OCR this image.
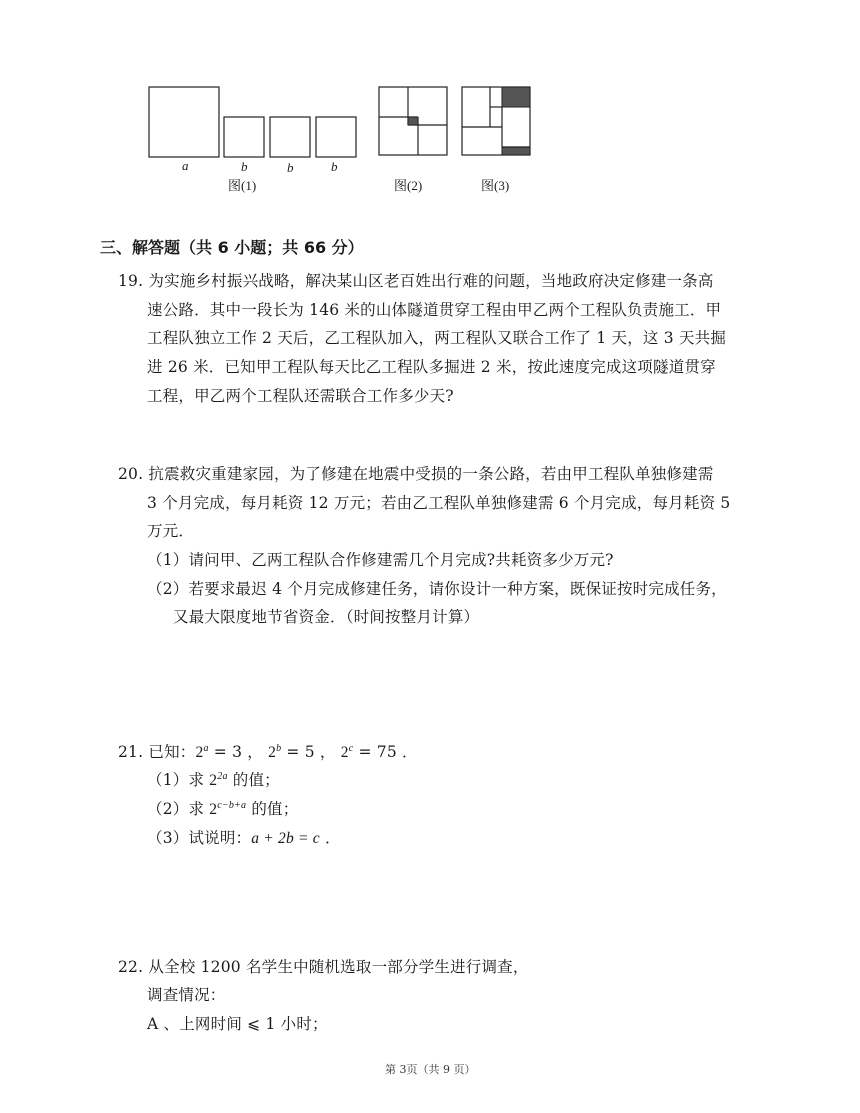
a	b	b	b
图(1)	图(2)	图(3)
三、解答题（共 6 小题；共 66 分）
19. 为实施乡村振兴战略，解决某山区老百姓出行难的问题，当地政府决定修建一条高
速公路．其中一段长为 146 米的山体隧道贯穿工程由甲乙两个工程队负责施工．甲
工程队独立工作 2 天后，乙工程队加入，两工程队又联合工作了 1 天，这 3 天共掘
进 26 米．已知甲工程队每天比乙工程队多掘进 2 米，按此速度完成这项隧道贯穿
工程，甲乙两个工程队还需联合工作多少天?
20. 抗震救灾重建家园，为了修建在地震中受损的一条公路，若由甲工程队单独修建需
3 个月完成，每月耗资 12 万元；若由乙工程队单独修建需 6 个月完成，每月耗资 5
万元．
（1）请问甲、乙两工程队合作修建需几个月完成?共耗资多少万元?
（2）若要求最迟 4 个月完成修建任务，请你设计一种方案，既保证按时完成任务，
又最大限度地节省资金．（时间按整月计算）
21. 已知：$2^a = 3$ ， $2^b = 5$ ， $2^c = 75$ ．
（1）求 $2^{2a}$ 的值；
（2）求 $2^{c-b+a}$ 的值；
（3）试说明：a + 2b = c ．
22. 从全校 1200 名学生中随机选取一部分学生进行调查，
调查情况：
A 、上网时间 ⩽ 1 小时；
第 3页（共 9 页）
